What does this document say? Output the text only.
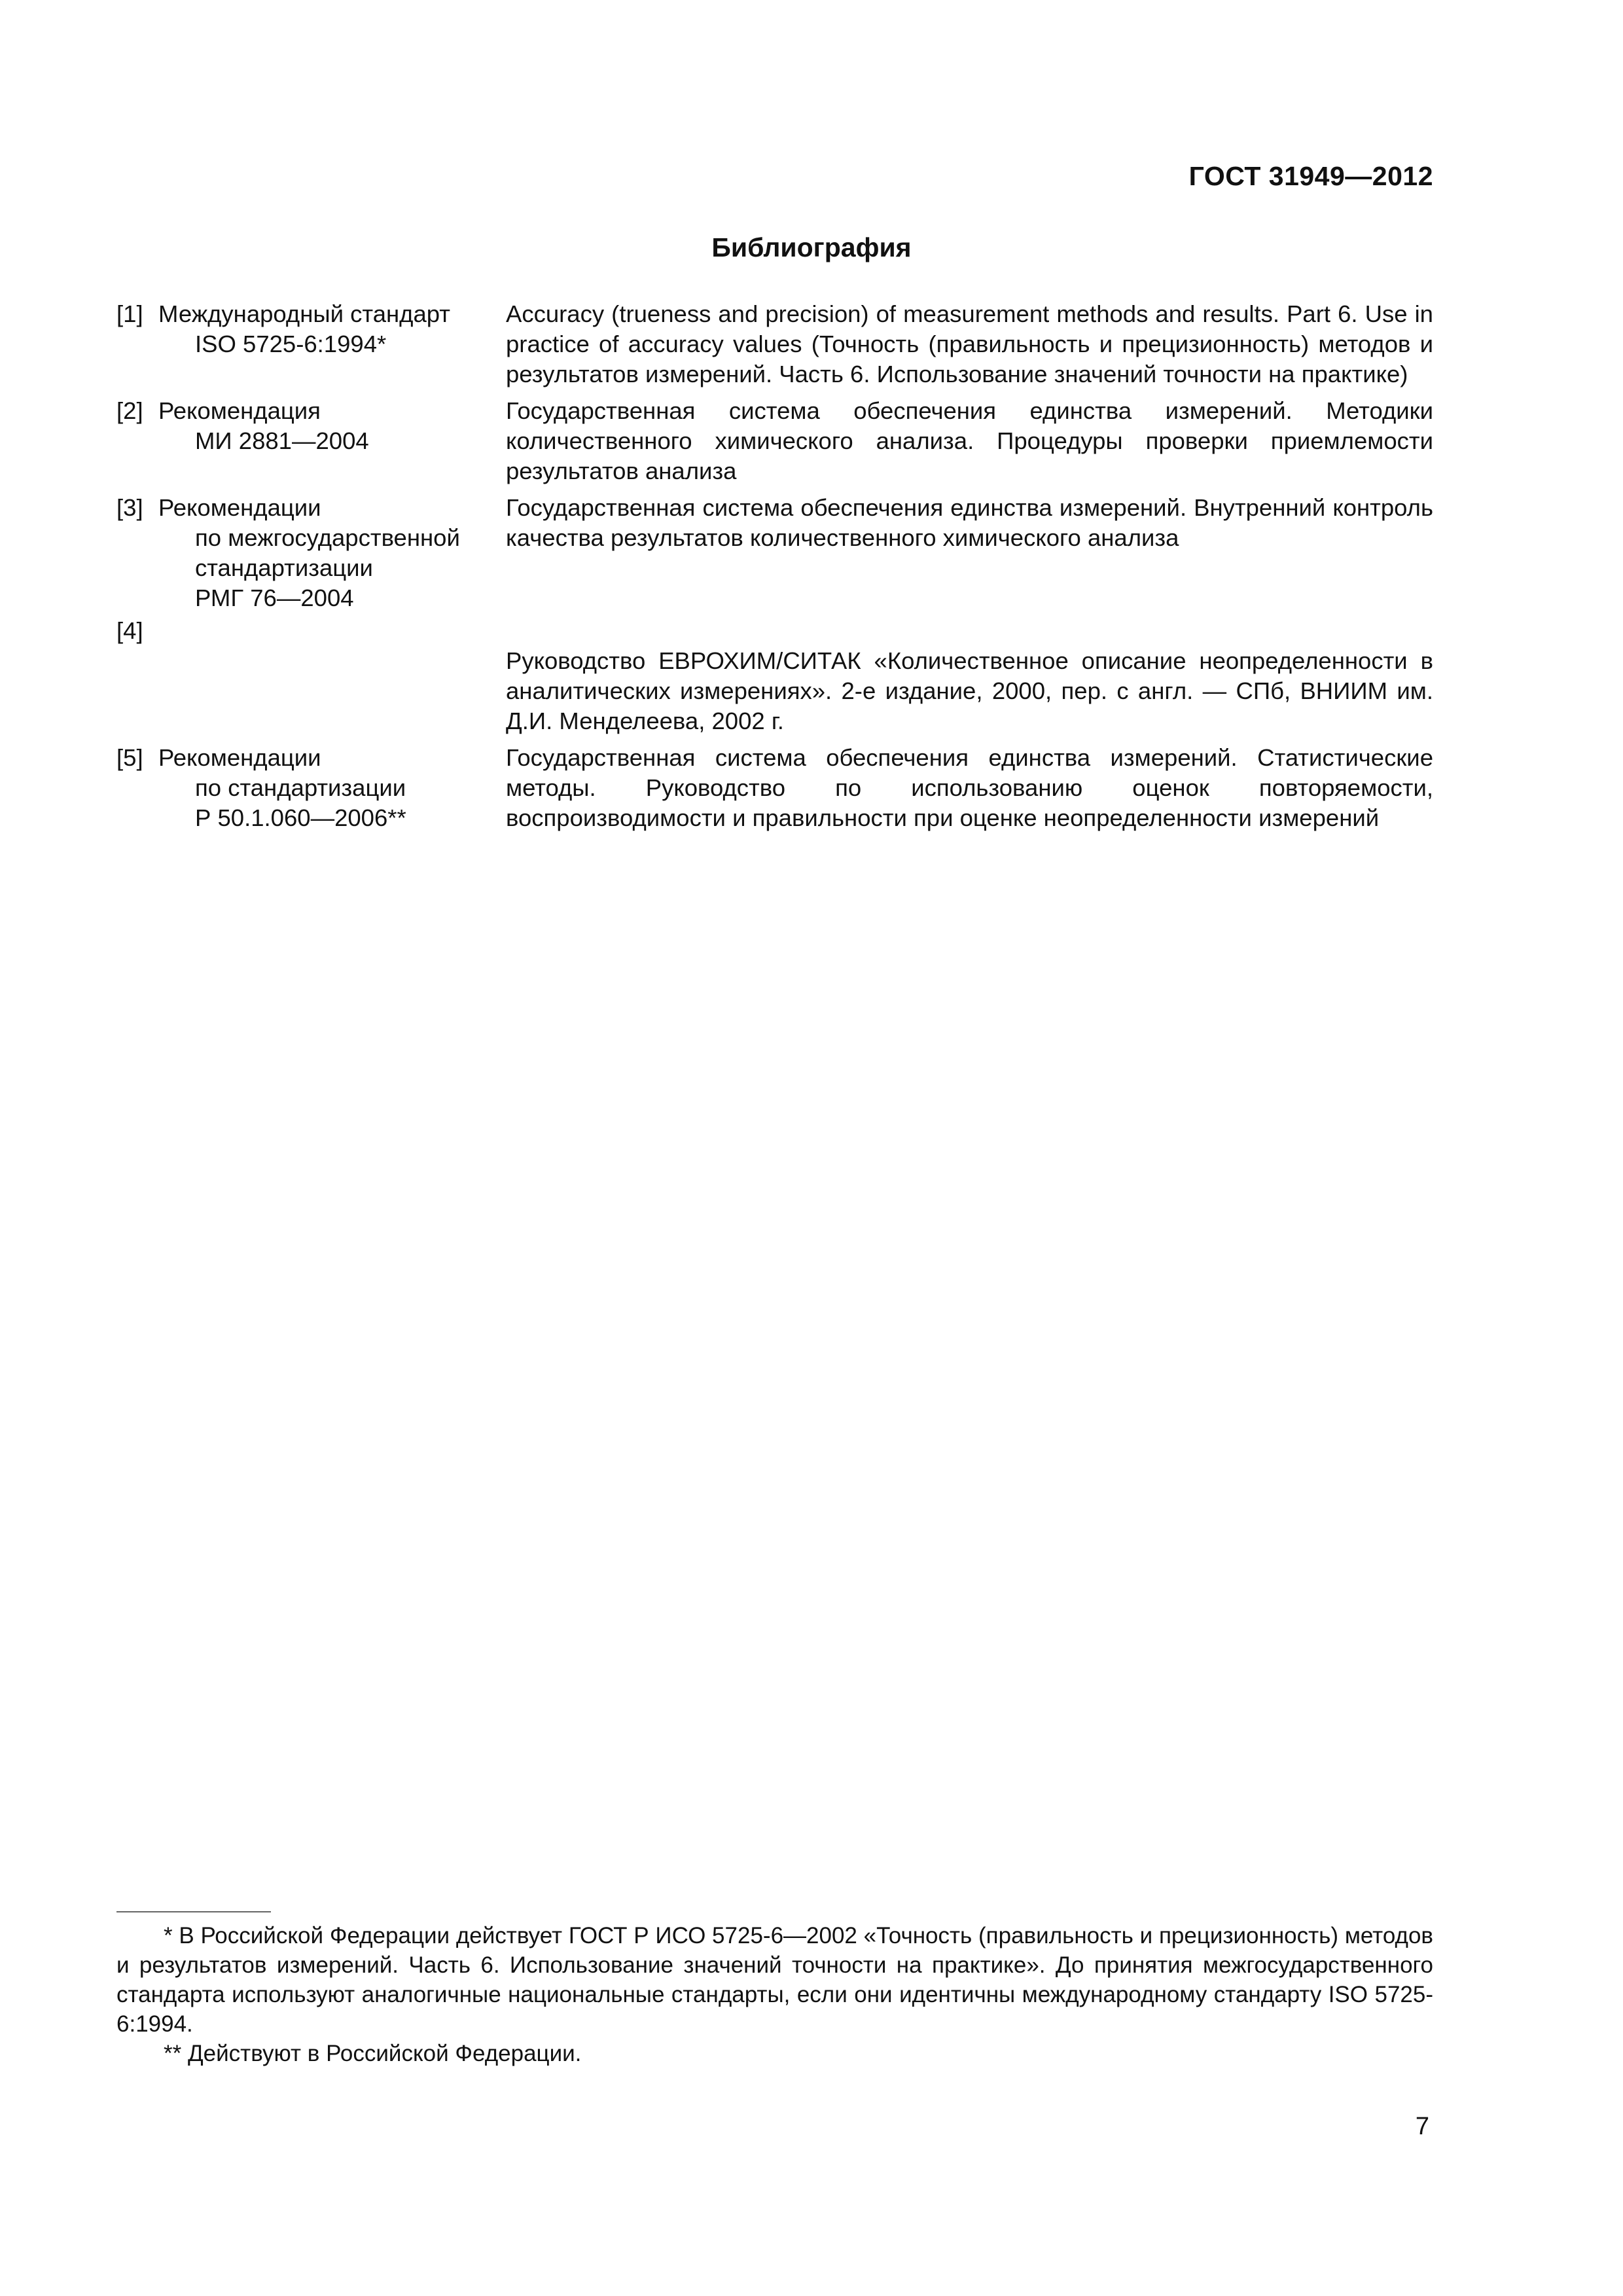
ГОСТ 31949—2012
Библиография
[1] Международный стандарт
ISO 5725-6:1994*
Accuracy (trueness and precision) of measurement methods and results. Part 6. Use in practice of accuracy values (Точность (правильность и прецизионность) методов и результатов измерений. Часть 6. Использование значений точности на практике)
[2] Рекомендация
МИ 2881—2004
Государственная система обеспечения единства измерений. Методики количественного химического анализа. Процедуры проверки приемлемости результатов анализа
[3] Рекомендации
по межгосударственной
стандартизации
РМГ 76—2004
Государственная система обеспечения единства измерений. Внутренний контроль качества результатов количественного химического анализа
[4]
Руководство ЕВРОХИМ/СИТАК «Количественное описание неопределенности в аналитических измерениях». 2-е издание, 2000, пер. с англ. — СПб, ВНИИМ им. Д.И. Менделеева, 2002 г.
[5] Рекомендации
по стандартизации
Р 50.1.060—2006**
Государственная система обеспечения единства измерений. Статистические методы. Руководство по использованию оценок повторяемости, воспроизводимости и правильности при оценке неопределенности измерений

* В Российской Федерации действует ГОСТ Р ИСО 5725-6—2002 «Точность (правильность и прецизионность) методов и результатов измерений. Часть 6. Использование значений точности на практике». До принятия межгосударственного стандарта используют аналогичные национальные стандарты, если они идентичны международному стандарту ISO 5725-6:1994.

** Действуют в Российской Федерации.

7
